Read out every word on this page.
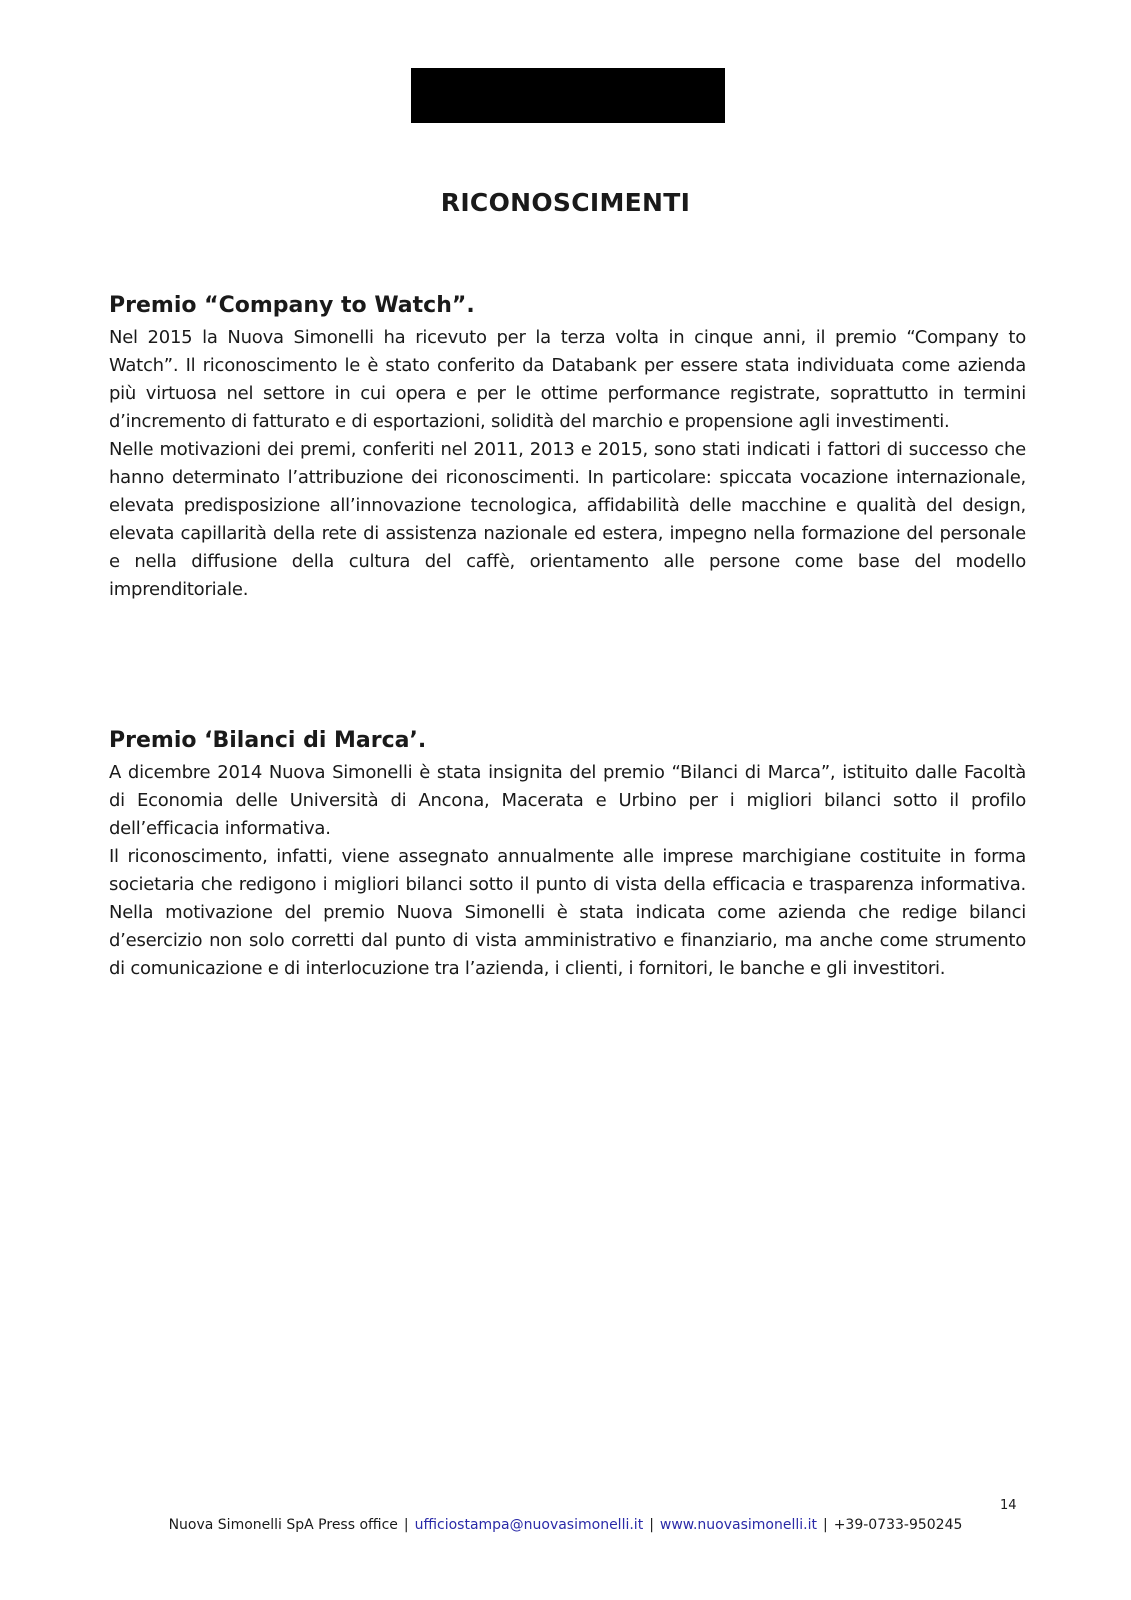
RICONOSCIMENTI
Premio “Company to Watch”.

Nel 2015 la Nuova Simonelli ha ricevuto per la terza volta in cinque anni, il premio “Company to Watch”. Il riconoscimento le è stato conferito da Databank per essere stata individuata come azienda più virtuosa nel settore in cui opera e per le ottime performance registrate, soprattutto in termini d’incremento di fatturato e di esportazioni, solidità del marchio e propensione agli investimenti.

Nelle motivazioni dei premi, conferiti nel 2011, 2013 e 2015, sono stati indicati i fattori di successo che hanno determinato l’attribuzione dei riconoscimenti. In particolare: spiccata vocazione internazionale, elevata predisposizione all’innovazione tecnologica, affidabilità delle macchine e qualità del design, elevata capillarità della rete di assistenza nazionale ed estera, impegno nella formazione del personale e nella diffusione della cultura del caffè, orientamento alle persone come base del modello imprenditoriale.

Premio ‘Bilanci di Marca’.

A dicembre 2014 Nuova Simonelli è stata insignita del premio “Bilanci di Marca”, istituito dalle Facoltà di Economia delle Università di Ancona, Macerata e Urbino per i migliori bilanci sotto il profilo dell’efficacia informativa.

Il riconoscimento, infatti, viene assegnato annualmente alle imprese marchigiane costituite in forma societaria che redigono i migliori bilanci sotto il punto di vista della efficacia e trasparenza informativa. Nella motivazione del premio Nuova Simonelli è stata indicata come azienda che redige bilanci d’esercizio non solo corretti dal punto di vista amministrativo e finanziario, ma anche come strumento di comunicazione e di interlocuzione tra l’azienda, i clienti, i fornitori, le banche e gli investitori.

14
Nuova Simonelli SpA Press office | ufficiostampa@nuovasimonelli.it | www.nuovasimonelli.it | +39-0733-950245
